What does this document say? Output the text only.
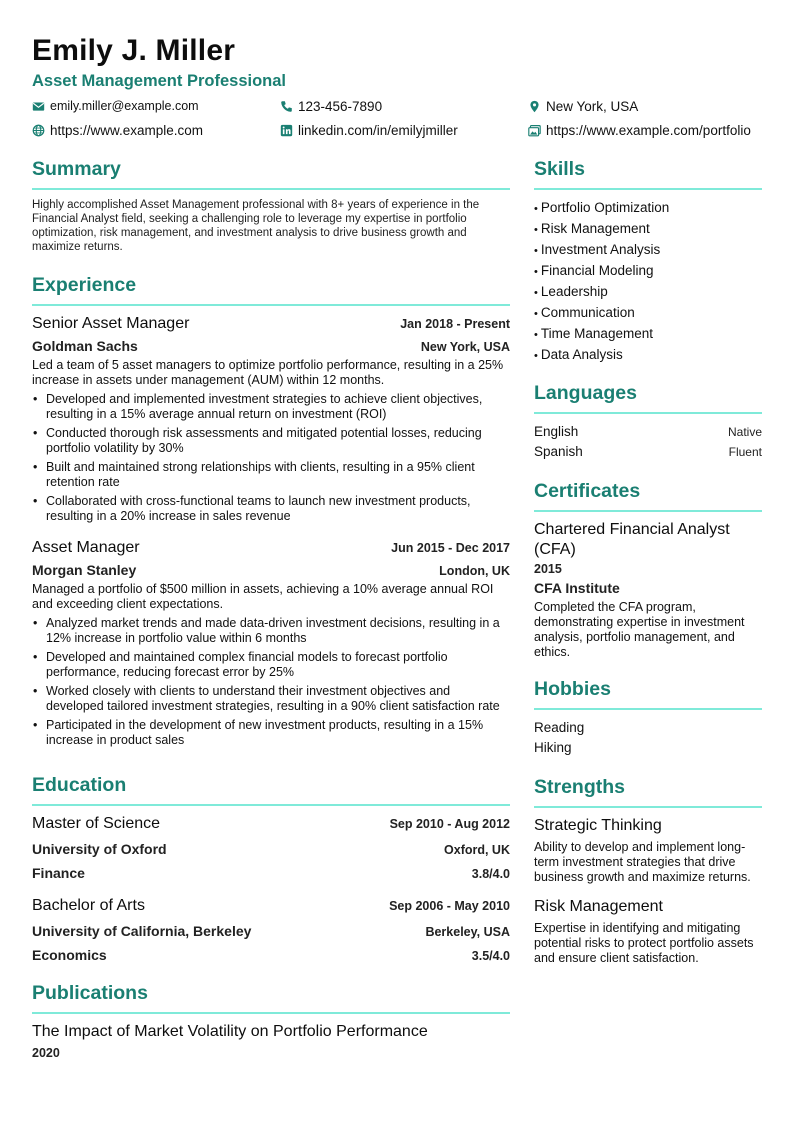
Emily J. Miller
Asset Management Professional
emily.miller@example.com	123-456-7890	New York, USA
https://www.example.com	linkedin.com/in/emilyjmiller	https://www.example.com/portfolio
Summary
Highly accomplished Asset Management professional with 8+ years of experience in the Financial Analyst field, seeking a challenging role to leverage my expertise in portfolio optimization, risk management, and investment analysis to drive business growth and maximize returns.
Experience
Senior Asset Manager	Jan 2018 - Present
Goldman Sachs	New York, USA
Led a team of 5 asset managers to optimize portfolio performance, resulting in a 25% increase in assets under management (AUM) within 12 months.
• Developed and implemented investment strategies to achieve client objectives, resulting in a 15% average annual return on investment (ROI)
• Conducted thorough risk assessments and mitigated potential losses, reducing portfolio volatility by 30%
• Built and maintained strong relationships with clients, resulting in a 95% client retention rate
• Collaborated with cross-functional teams to launch new investment products, resulting in a 20% increase in sales revenue
Asset Manager	Jun 2015 - Dec 2017
Morgan Stanley	London, UK
Managed a portfolio of $500 million in assets, achieving a 10% average annual ROI and exceeding client expectations.
• Analyzed market trends and made data-driven investment decisions, resulting in a 12% increase in portfolio value within 6 months
• Developed and maintained complex financial models to forecast portfolio performance, reducing forecast error by 25%
• Worked closely with clients to understand their investment objectives and developed tailored investment strategies, resulting in a 90% client satisfaction rate
• Participated in the development of new investment products, resulting in a 15% increase in product sales
Education
Master of Science	Sep 2010 - Aug 2012
University of Oxford	Oxford, UK
Finance	3.8/4.0
Bachelor of Arts	Sep 2006 - May 2010
University of California, Berkeley	Berkeley, USA
Economics	3.5/4.0
Publications
The Impact of Market Volatility on Portfolio Performance
2020
Skills
• Portfolio Optimization
• Risk Management
• Investment Analysis
• Financial Modeling
• Leadership
• Communication
• Time Management
• Data Analysis
Languages
English	Native
Spanish	Fluent
Certificates
Chartered Financial Analyst (CFA)
2015
CFA Institute
Completed the CFA program, demonstrating expertise in investment analysis, portfolio management, and ethics.
Hobbies
Reading
Hiking
Strengths
Strategic Thinking
Ability to develop and implement long-term investment strategies that drive business growth and maximize returns.
Risk Management
Expertise in identifying and mitigating potential risks to protect portfolio assets and ensure client satisfaction.
